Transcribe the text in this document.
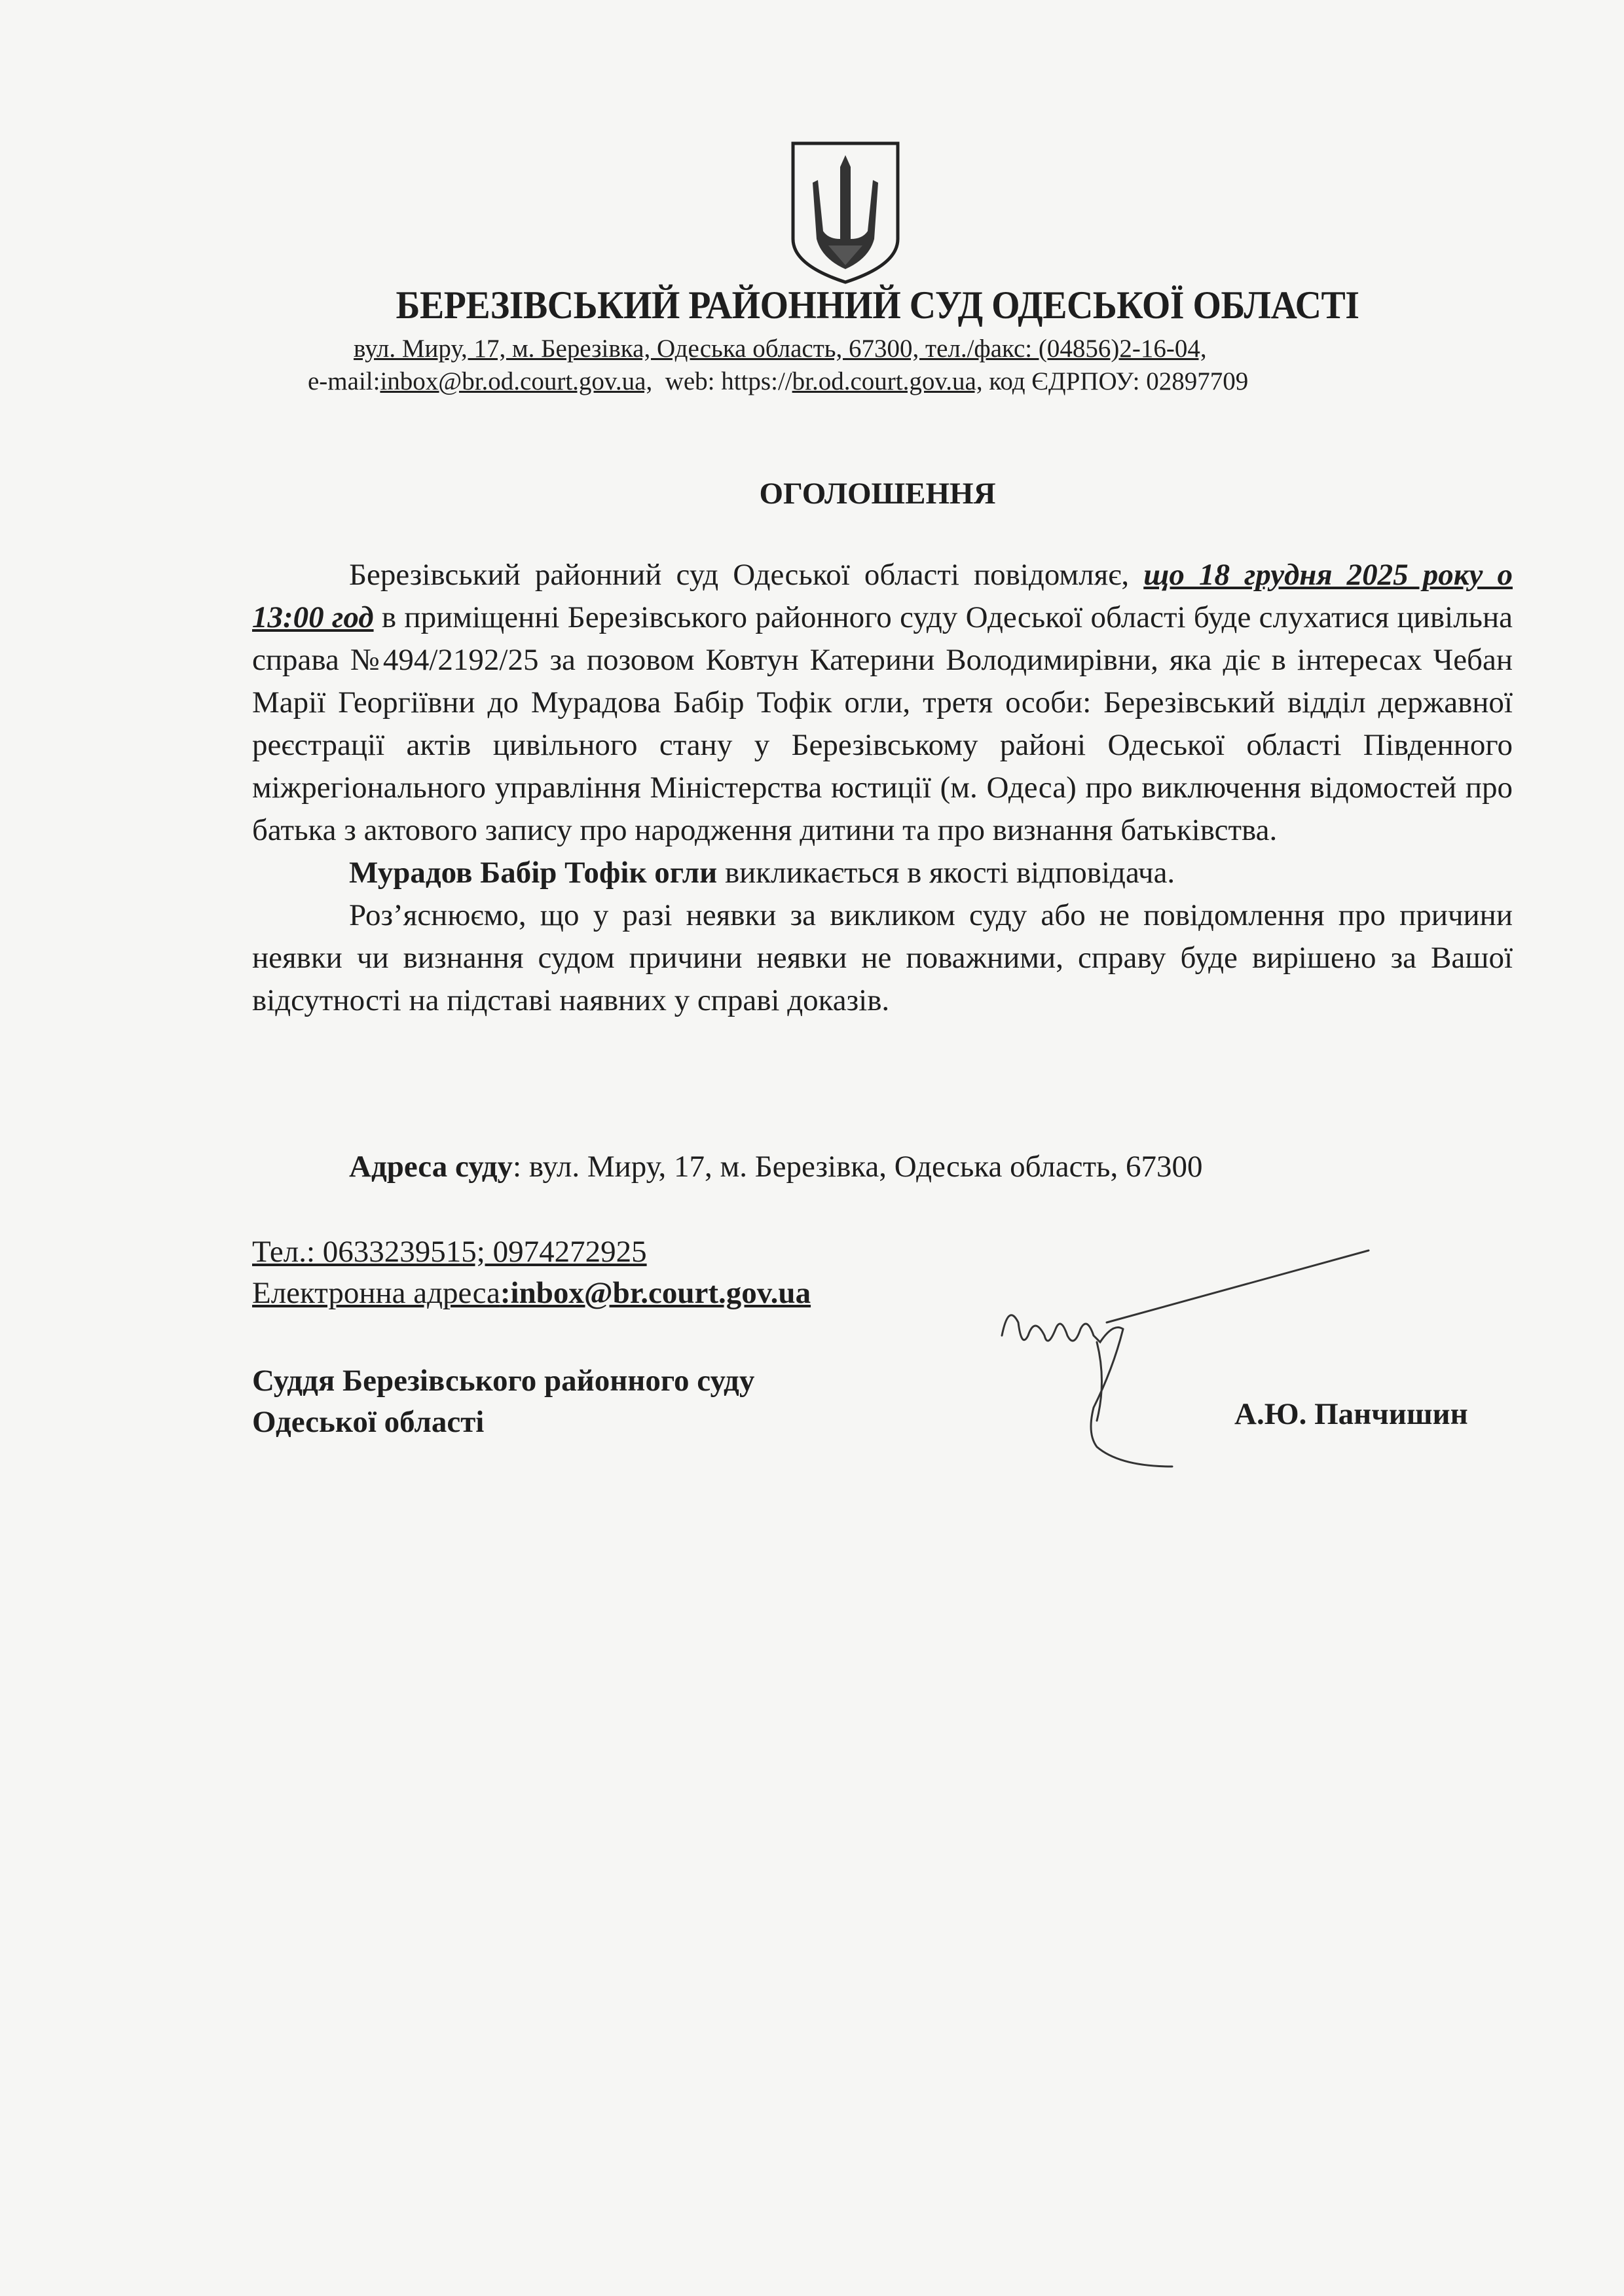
БЕРЕЗІВСЬКИЙ РАЙОННИЙ СУД ОДЕСЬКОЇ ОБЛАСТІ
вул. Миру, 17, м. Березівка, Одеська область, 67300, тел./факс: (04856)2-16-04,
e-mail:inbox@br.od.court.gov.ua, web: https://br.od.court.gov.ua, код ЄДРПОУ: 02897709
ОГОЛОШЕННЯ

Березівський районний суд Одеської області повідомляє, що 18 грудня 2025 року о 13:00 год в приміщенні Березівського районного суду Одеської області буде слухатися цивільна справа №494/2192/25 за позовом Ковтун Катерини Володимирівни, яка діє в інтересах Чебан Марії Георгіївни до Мурадова Бабір Тофік огли, третя особи: Березівський відділ державної реєстрації актів цивільного стану у Березівському районі Одеської області Південного міжрегіонального управління Міністерства юстиції (м. Одеса) про виключення відомостей про батька з актового запису про народження дитини та про визнання батьківства.

Мурадов Бабір Тофік огли викликається в якості відповідача.

Роз’яснюємо, що у разі неявки за викликом суду або не повідомлення про причини неявки чи визнання судом причини неявки не поважними, справу буде вирішено за Вашої відсутності на підставі наявних у справі доказів.

Адреса суду: вул. Миру, 17, м. Березівка, Одеська область, 67300
Тел.: 0633239515; 0974272925
Електронна адреса:inbox@br.court.gov.ua
Суддя Березівського районного суду
Одеської області	А.Ю. Панчишин
